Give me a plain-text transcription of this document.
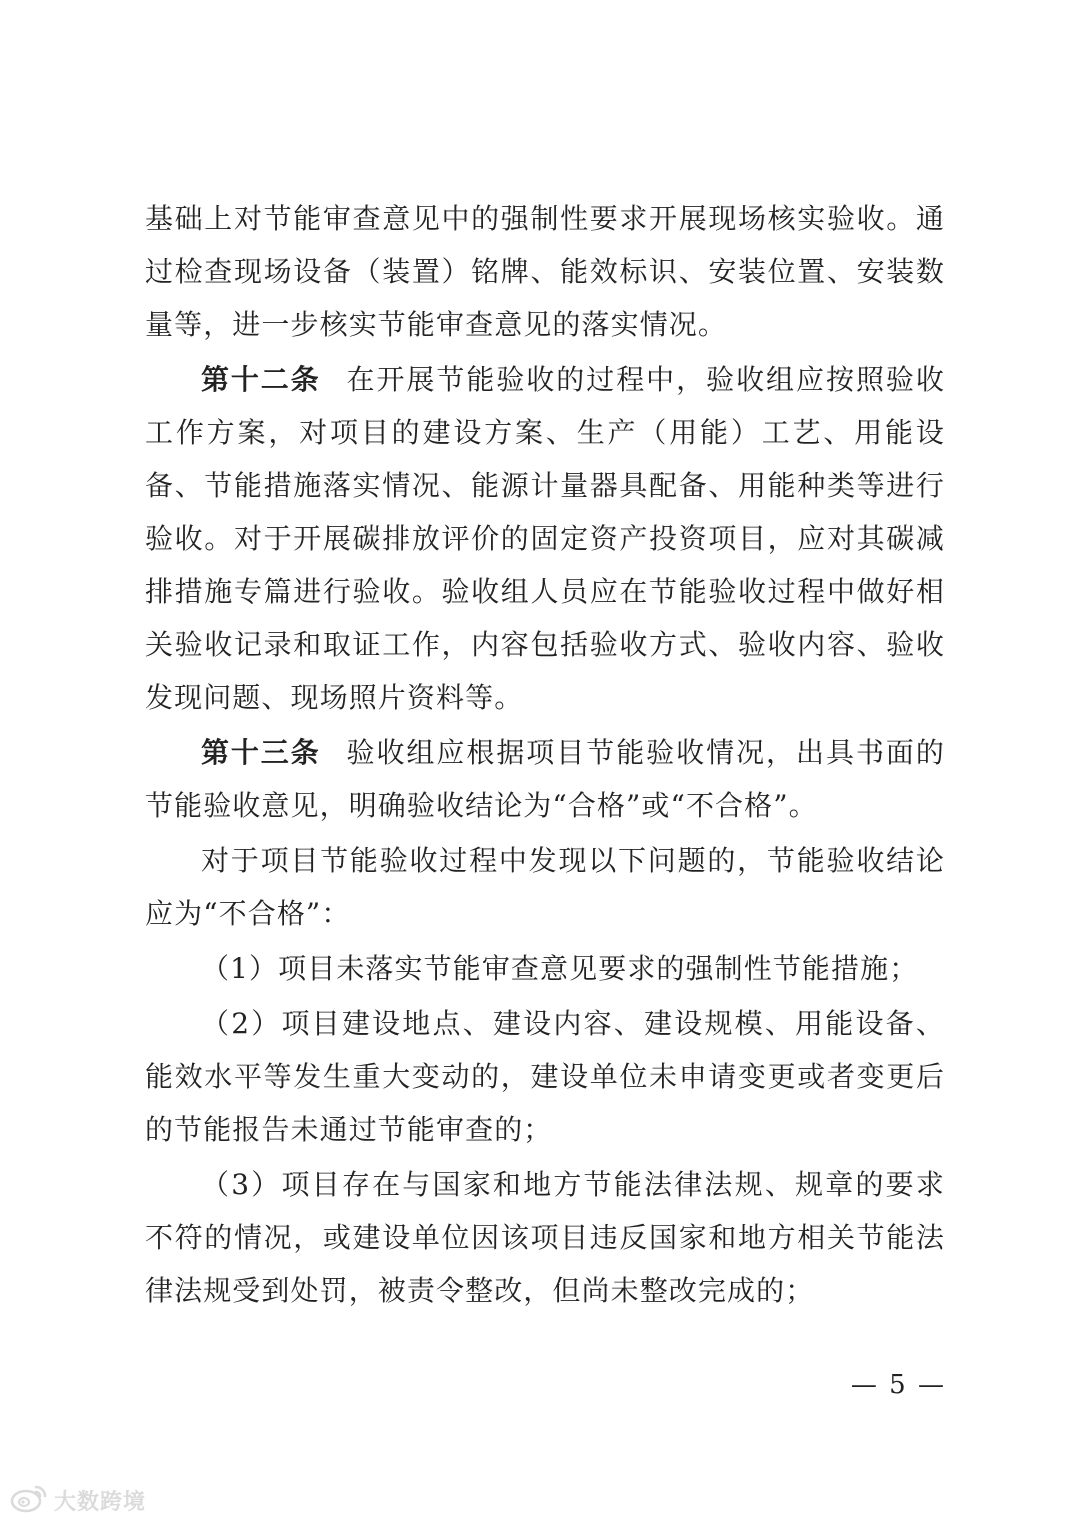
基础上对节能审查意见中的强制性要求开展现场核实验收。通过检查现场设备（装置）铭牌、能效标识、安装位置、安装数量等，进一步核实节能审查意见的落实情况。

第十二条 在开展节能验收的过程中，验收组应按照验收工作方案，对项目的建设方案、生产（用能）工艺、用能设备、节能措施落实情况、能源计量器具配备、用能种类等进行验收。对于开展碳排放评价的固定资产投资项目，应对其碳减排措施专篇进行验收。验收组人员应在节能验收过程中做好相关验收记录和取证工作，内容包括验收方式、验收内容、验收发现问题、现场照片资料等。

第十三条 验收组应根据项目节能验收情况，出具书面的节能验收意见，明确验收结论为“合格”或“不合格”。

对于项目节能验收过程中发现以下问题的，节能验收结论应为“不合格”：

（1）项目未落实节能审查意见要求的强制性节能措施；

（2）项目建设地点、建设内容、建设规模、用能设备、能效水平等发生重大变动的，建设单位未申请变更或者变更后的节能报告未通过节能审查的；

（3）项目存在与国家和地方节能法律法规、规章的要求不符的情况，或建设单位因该项目违反国家和地方相关节能法律法规受到处罚，被责令整改，但尚未整改完成的；

— 5 —
大数跨境
